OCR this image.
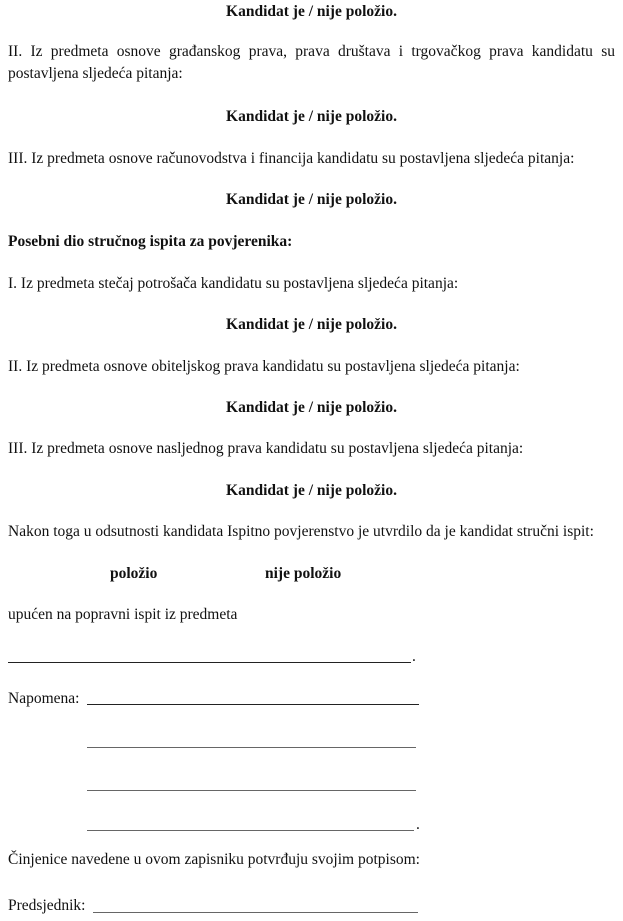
Kandidat je / nije položio.
II. Iz predmeta osnove građanskog prava, prava društava i trgovačkog prava kandidatu su
postavljena sljedeća pitanja:
Kandidat je / nije položio.
III. Iz predmeta osnove računovodstva i financija kandidatu su postavljena sljedeća pitanja:
Kandidat je / nije položio.
Posebni dio stručnog ispita za povjerenika:
I. Iz predmeta stečaj potrošača kandidatu su postavljena sljedeća pitanja:
Kandidat je / nije položio.
II. Iz predmeta osnove obiteljskog prava kandidatu su postavljena sljedeća pitanja:
Kandidat je / nije položio.
III. Iz predmeta osnove nasljednog prava kandidatu su postavljena sljedeća pitanja:
Kandidat je / nije položio.
Nakon toga u odsutnosti kandidata Ispitno povjerenstvo je utvrdilo da je kandidat stručni ispit:
položio	nije položio
upućen na popravni ispit iz predmeta
.
Napomena:
.
Činjenice navedene u ovom zapisniku potvrđuju svojim potpisom:
Predsjednik:
